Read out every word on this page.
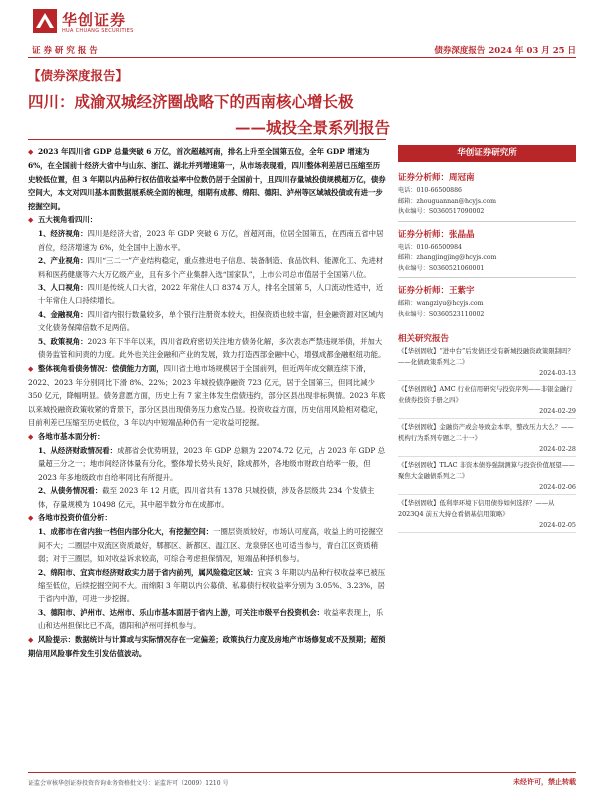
华创证券
HUA CHUANG SECURITIES
证 券 研 究 报 告	债券深度报告 2024 年 03 月 25 日
【债券深度报告】
四川：成渝双城经济圈战略下的西南核心增长极
——城投全景系列报告

◆ 2023 年四川省 GDP 总量突破 6 万亿，首次超越河南，排名上升至全国第五位，全年 GDP 增速为 6%，在全国前十经济大省中与山东、浙江、湖北并列增速第一，从市场表现看，四川整体利差居已压缩至历史较低位置，但 3 年期以内品种行权估值收益率中位数仍居于全国前十，且四川存量城投债规模超万亿，债券空间大，本文对四川基本面数据展系统全面的梳理，细期有成都、绵阳、德阳、泸州等区域城投债或有进一步挖掘空间。

◆ 五大视角看四川：

1、经济视角：四川是经济大省，2023 年 GDP 突破 6 万亿，首超河南，位居全国第五，在西南五省中居首位，经济增速为 6%，处全国中上游水平。

2、产业视角：四川“三二一”产业结构稳定，重点推进电子信息、装备制造、食品饮料、能源化工、先进材料和医药健康等六大万亿级产业，且有多个产业集群入选“国家队”，上市公司总市值居于全国第八位。

3、人口视角：四川是传统人口大省，2022 年常住人口 8374 万人，排名全国第 5，人口流动性适中，近十年常住人口持续增长。

4、金融视角：四川省内银行数量较多，单个银行注册资本较大，担保资质也较丰富，但金融资源对区域内文化债务保障倍数不足两倍。

5、政策视角：2023 年下半年以来，四川省政府密切关注地方债务化解，多次表态严禁违规举债，并加大债务监管和问责的力度。此外也关注金融和产业的发展，致力打造西部金融中心，增强成都金融枢纽功能。

◆ 整体视角看债务情况：偿债能力方面，四川省土地市场规模居于全国前列，但近两年成交额连续下滑，2022、2023 年分别同比下滑 8%、22%；2023 年城投债净融资 723 亿元，居于全国第三，但同比减少 350 亿元，降幅明显。债务意愿方面，历史上有 7 家主体发生偿债违约，部分区县出现非标舆情。2023 年底以来城投融资政策收紧的背景下，部分区县出现债务压力愈发凸显。投资收益方面，历史信用风险相对稳定，目前利差已压缩至历史低位，3 年以内中短端品种仍有一定收益可挖掘。

◆ 各地市基本面分析：

1、从经济财政情况看：成都省会优势明显，2023 年 GDP 总额为 22074.72 亿元，占 2023 年 GDP 总量超三分之一；地市间经济体量有分化，整体增长势头良好，除成都外，各地级市财政自给率一般，但 2023 年多地级政市自给率同比有所提升。

2、从债务情况看：截至 2023 年 12 月底，四川省共有 1378 只城投债，涉及各层级共 234 个发债主体，存量规模为 10498 亿元，其中超半数分布在成都市。

◆ 各地市投资价值分析：

1、成都市在省内独一档但内部分化大，有挖掘空间：一圈层资质较好，市场认可度高，收益上的可挖掘空间不大；二圈层中双流区资质最好，郫都区、新都区、温江区、龙泉驿区也可适当参与，青白江区资质稍弱；对于三圈层，如对收益诉求较高，可综合考虑担保情况，短端品种择机参与。

2、绵阳市、宜宾市经济财政实力居于省内前列，属风险稳定区域：宜宾 3 年期以内品种行权收益率已被压缩至低位，后续挖掘空间不大。而绵阳 3 年期以内公募债、私募债行权收益率分别为 3.05%、3.23%，居于省内中游，可进一步挖掘。

3、德阳市、泸州市、达州市、乐山市基本面居于省内上游，可关注市级平台投资机会：收益率表现上，乐山和达州担保比已不高，德阳和泸州可择机参与。

◆ 风险提示：数据统计与计算或与实际情况存在一定偏差；政策执行力度及房地产市场修复或不及预期；超预期信用风险事件发生引发估值波动。

华创证券研究所
证券分析师：周冠南
电话：010-66500886
邮箱：zhouguannan@hcyjs.com
执业编号：S0360517090002
证券分析师：张晶晶
电话：010-66500984
邮箱：zhangjingjing@hcyjs.com
执业编号：S0360521060001
证券分析师：王紫宇
邮箱：wangziyu@hcyjs.com
执业编号：S0360523110002
相关研究报告
《【华创固收】“进中台”后发债还受有新城投融资政策限制吗？——化债政策系列之二》
2024-03-13
《【华创固收】AMC 行业信用研究与投资序列——非银金融行业债券投资手册之四》
2024-02-29
《【华创固收】金融资产或会导致金本率，整改压力大么？——机构行为系列专题之二十一》
2024-02-28
《【华创固收】TLAC 非资本债券强制测算与投资价值展望——聚焦大金融债系列之二》
2024-02-06
《【华创固收】低利率环境下信用债券如何选择？——从 2023Q4 前五大持仓看债基信用策略》
2024-02-05
证监会审核华创证券投资咨询业务资格批文号：证监许可（2009）1210 号	未经许可，禁止转载
